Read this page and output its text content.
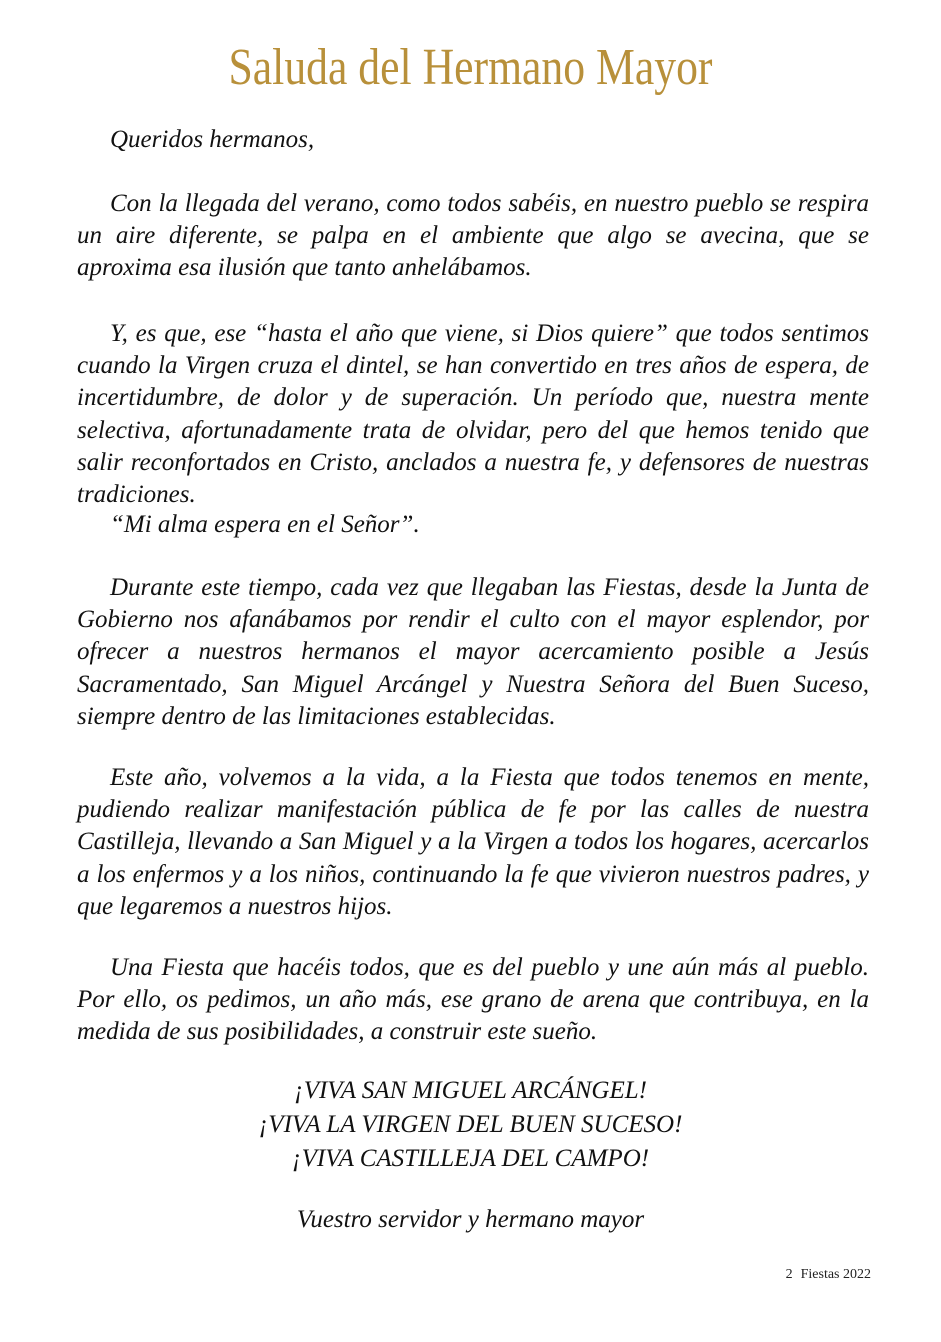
Saluda del Hermano Mayor
Queridos hermanos,

Con la llegada del verano, como todos sabéis, en nuestro pueblo se respira un aire diferente, se palpa en el ambiente que algo se avecina, que se aproxima esa ilusión que tanto anhelábamos.

Y, es que, ese “hasta el año que viene, si Dios quiere” que todos sentimos cuando la Virgen cruza el dintel, se han convertido en tres años de espera, de incertidumbre, de dolor y de superación. Un período que, nuestra mente selectiva, afortunadamente trata de olvidar, pero del que hemos tenido que salir reconfortados en Cristo, anclados a nuestra fe, y defensores de nuestras tradiciones.

“Mi alma espera en el Señor”.

Durante este tiempo, cada vez que llegaban las Fiestas, desde la Junta de Gobierno nos afanábamos por rendir el culto con el mayor esplendor, por ofrecer a nuestros hermanos el mayor acercamiento posible a Jesús Sacramentado, San Miguel Arcángel y Nuestra Señora del Buen Suceso, siempre dentro de las limitaciones establecidas.

Este año, volvemos a la vida, a la Fiesta que todos tenemos en mente, pudiendo realizar manifestación pública de fe por las calles de nuestra Castilleja, llevando a San Miguel y a la Virgen a todos los hogares, acercarlos a los enfermos y a los niños, continuando la fe que vivieron nuestros padres, y que legaremos a nuestros hijos.

Una Fiesta que hacéis todos, que es del pueblo y une aún más al pueblo. Por ello, os pedimos, un año más, ese grano de arena que contribuya, en la medida de sus posibilidades, a construir este sueño.

¡VIVA SAN MIGUEL ARCÁNGEL!
¡VIVA LA VIRGEN DEL BUEN SUCESO!
¡VIVA CASTILLEJA DEL CAMPO!
Vuestro servidor y hermano mayor
2 Fiestas 2022
